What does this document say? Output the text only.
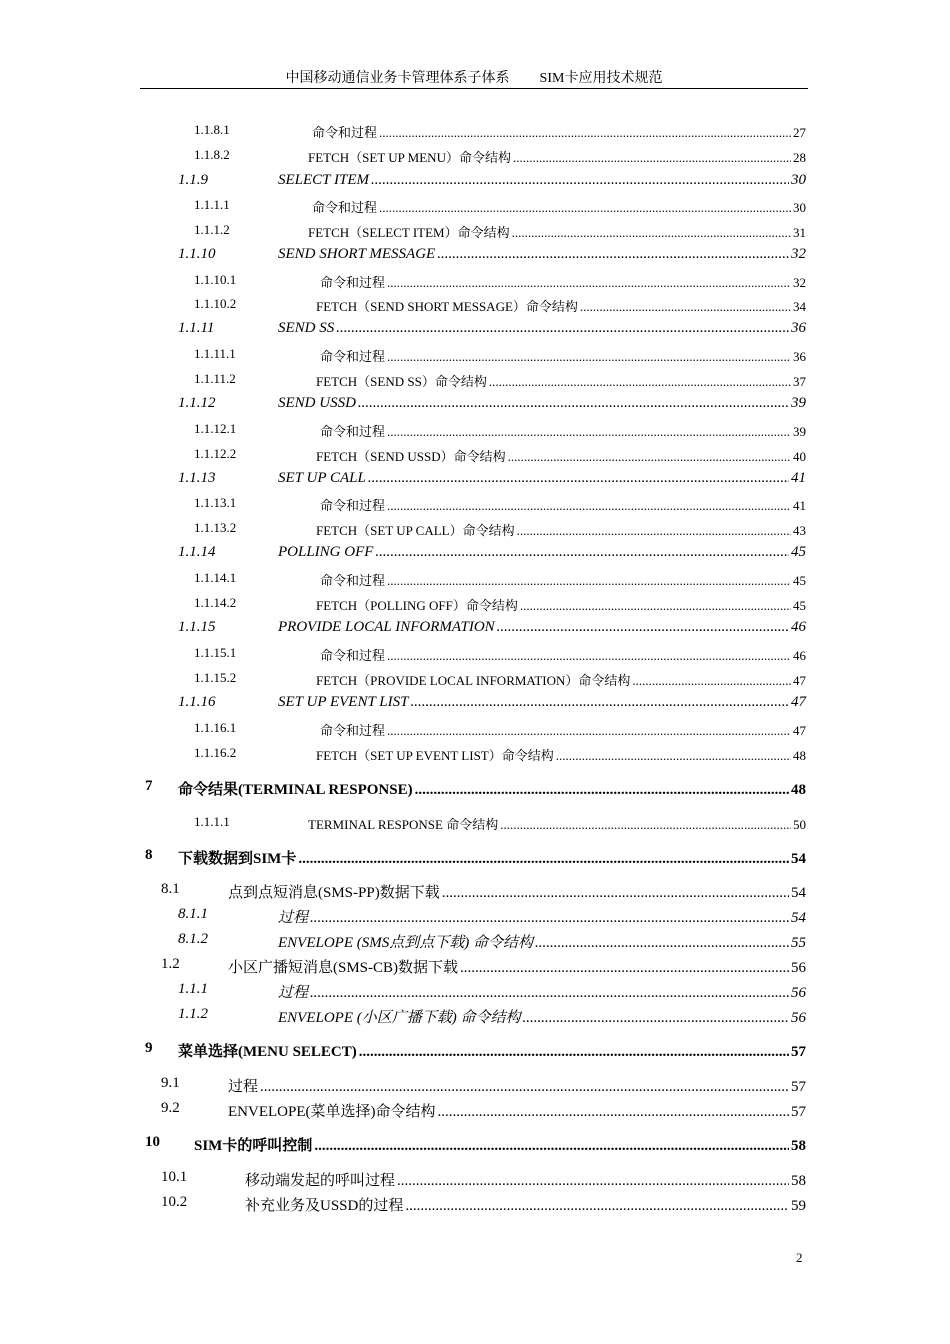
中国移动通信业务卡管理体系子体系 SIM卡应用技术规范
1.1.8.1	命令和过程 .....	27
1.1.8.2	FETCH（SET UP MENU）命令结构 .....	28
1.1.9	SELECT ITEM .....	30
1.1.1.1	命令和过程 .....	30
1.1.1.2	FETCH（SELECT ITEM）命令结构 .....	31
1.1.10	SEND SHORT MESSAGE .....	32
1.1.10.1	命令和过程 .....	32
1.1.10.2	FETCH（SEND SHORT MESSAGE）命令结构 .....	34
1.1.11	SEND SS .....	36
1.1.11.1	命令和过程 .....	36
1.1.11.2	FETCH（SEND SS）命令结构 .....	37
1.1.12	SEND USSD .....	39
1.1.12.1	命令和过程 .....	39
1.1.12.2	FETCH（SEND USSD）命令结构 .....	40
1.1.13	SET UP CALL .....	41
1.1.13.1	命令和过程 .....	41
1.1.13.2	FETCH（SET UP CALL）命令结构 .....	43
1.1.14	POLLING OFF .....	45
1.1.14.1	命令和过程 .....	45
1.1.14.2	FETCH（POLLING OFF）命令结构 .....	45
1.1.15	PROVIDE LOCAL INFORMATION .....	46
1.1.15.1	命令和过程 .....	46
1.1.15.2	FETCH（PROVIDE LOCAL INFORMATION）命令结构 .....	47
1.1.16	SET UP EVENT LIST .....	47
1.1.16.1	命令和过程 .....	47
1.1.16.2	FETCH（SET UP EVENT LIST）命令结构 .....	48
7 命令结果(TERMINAL RESPONSE) .....	48
1.1.1.1	TERMINAL RESPONSE 命令结构 .....	50
8 下载数据到SIM卡 .....	54
8.1	点到点短消息(SMS-PP)数据下载 .....	54
8.1.1	过程 .....	54
8.1.2	ENVELOPE (SMS点到点下载) 命令结构 .....	55
1.2	小区广播短消息(SMS-CB)数据下载 .....	56
1.1.1	过程 .....	56
1.1.2	ENVELOPE (小区广播下载) 命令结构 .....	56
9 菜单选择(MENU SELECT) .....	57
9.1	过程 .....	57
9.2	ENVELOPE(菜单选择)命令结构 .....	57
10 SIM卡的呼叫控制 .....	58
10.1	移动端发起的呼叫过程 .....	58
10.2	补充业务及USSD的过程 .....	59
2
